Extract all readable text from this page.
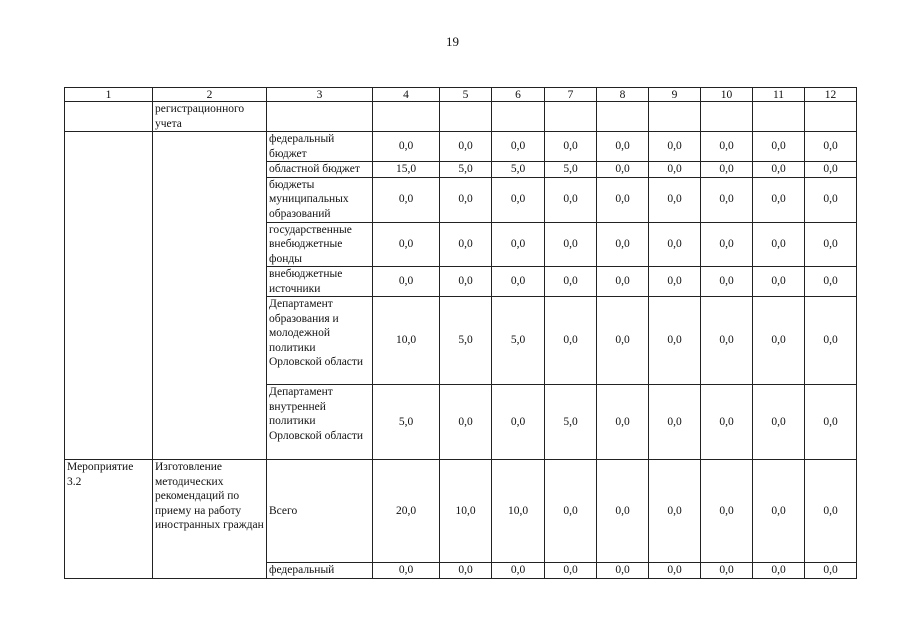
19
1	2	3	4	5	6	7	8	9	10	11	12
	регистрационного учета										
		федеральный бюджет	0,0	0,0	0,0	0,0	0,0	0,0	0,0	0,0	0,0
		областной бюджет	15,0	5,0	5,0	5,0	0,0	0,0	0,0	0,0	0,0
		бюджеты муниципальных образований	0,0	0,0	0,0	0,0	0,0	0,0	0,0	0,0	0,0
		государственные внебюджетные фонды	0,0	0,0	0,0	0,0	0,0	0,0	0,0	0,0	0,0
		внебюджетные источники	0,0	0,0	0,0	0,0	0,0	0,0	0,0	0,0	0,0
		Департамент образования и молодежной политики Орловской области	10,0	5,0	5,0	0,0	0,0	0,0	0,0	0,0	0,0
		Департамент внутренней политики Орловской области	5,0	0,0	0,0	5,0	0,0	0,0	0,0	0,0	0,0
Мероприятие 3.2	Изготовление методических рекомендаций по приему на работу иностранных граждан	Всего	20,0	10,0	10,0	0,0	0,0	0,0	0,0	0,0	0,0
		федеральный	0,0	0,0	0,0	0,0	0,0	0,0	0,0	0,0	0,0
